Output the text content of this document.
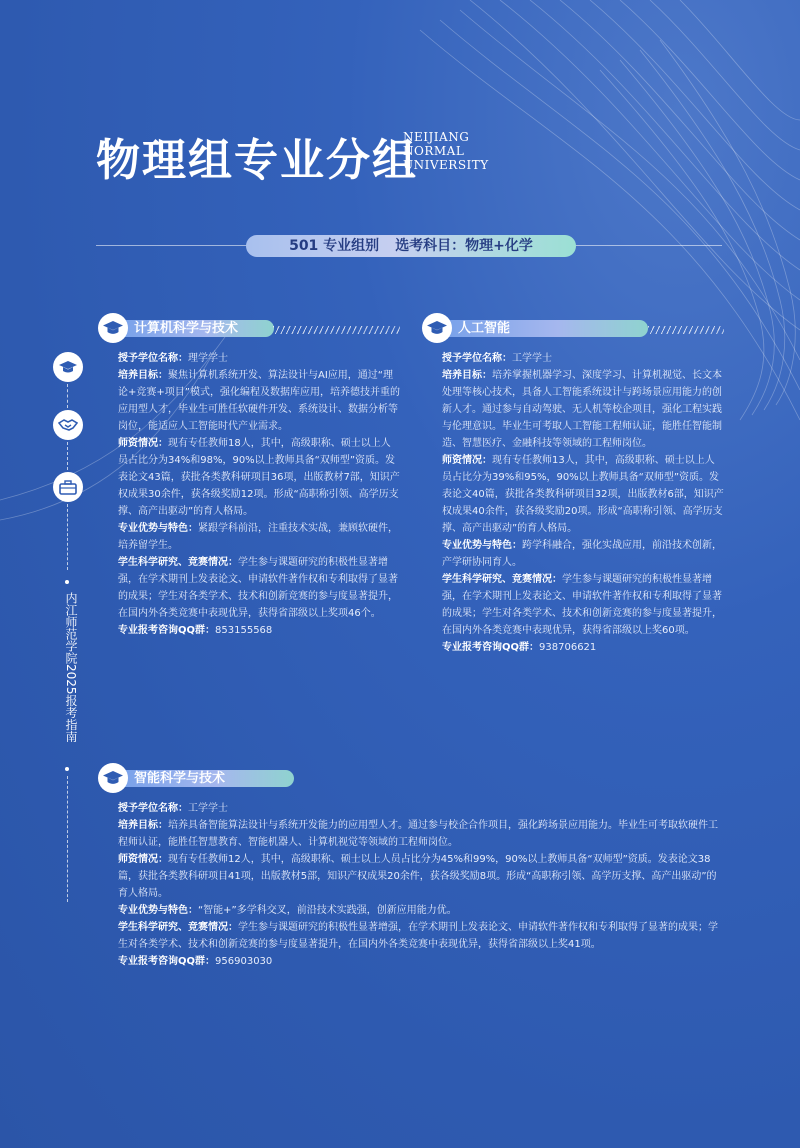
物理组专业分组
NEIJIANG
NORMAL
UNIVERSITY
501 专业组别 选考科目：物理+化学
内江师范学院2025报考指南
计算机科学与技术

授予学位名称：理学学士

培养目标：聚焦计算机系统开发、算法设计与AI应用，通过“理论+竞赛+项目”模式，强化编程及数据库应用，培养德技并重的应用型人才，毕业生可胜任软硬件开发、系统设计、数据分析等岗位，能适应人工智能时代产业需求。

师资情况：现有专任教师18人，其中，高级职称、硕士以上人员占比分为34%和98%，90%以上教师具备“双师型”资质。发表论文43篇，获批各类教科研项目36项，出版教材7部，知识产权成果30余件，获各级奖励12项。形成“高职称引领、高学历支撑、高产出驱动”的育人格局。

专业优势与特色：紧跟学科前沿，注重技术实战，兼顾软硬件，培养留学生。

学生科学研究、竞赛情况：学生参与课题研究的积极性显著增强，在学术期刊上发表论文、申请软件著作权和专利取得了显著的成果；学生对各类学术、技术和创新竞赛的参与度显著提升，在国内外各类竞赛中表现优异，获得省部级以上奖项46个。

专业报考咨询QQ群：853155568

人工智能

授予学位名称：工学学士

培养目标：培养掌握机器学习、深度学习、计算机视觉、长文本处理等核心技术，具备人工智能系统设计与跨场景应用能力的创新人才。通过参与自动驾驶、无人机等校企项目，强化工程实践与伦理意识。毕业生可考取人工智能工程师认证，能胜任智能制造、智慧医疗、金融科技等领域的工程师岗位。

师资情况：现有专任教师13人，其中，高级职称、硕士以上人员占比分为39%和95%，90%以上教师具备“双师型”资质。发表论文40篇，获批各类教科研项目32项，出版教材6部，知识产权成果40余件，获各级奖励20项。形成“高职称引领、高学历支撑、高产出驱动”的育人格局。

专业优势与特色：跨学科融合，强化实战应用，前沿技术创新，产学研协同育人。

学生科学研究、竞赛情况：学生参与课题研究的积极性显著增强，在学术期刊上发表论文、申请软件著作权和专利取得了显著的成果；学生对各类学术、技术和创新竞赛的参与度显著提升，在国内外各类竞赛中表现优异，获得省部级以上奖60项。

专业报考咨询QQ群：938706621

智能科学与技术

授予学位名称：工学学士

培养目标：培养具备智能算法设计与系统开发能力的应用型人才。通过参与校企合作项目，强化跨场景应用能力。毕业生可考取软硬件工程师认证，能胜任智慧教育、智能机器人、计算机视觉等领域的工程师岗位。

师资情况：现有专任教师12人，其中，高级职称、硕士以上人员占比分为45%和99%，90%以上教师具备“双师型”资质。发表论文38篇，获批各类教科研项目41项，出版教材5部，知识产权成果20余件，获各级奖励8项。形成“高职称引领、高学历支撑、高产出驱动”的育人格局。

专业优势与特色：“智能+”多学科交叉，前沿技术实践强，创新应用能力优。

学生科学研究、竞赛情况：学生参与课题研究的积极性显著增强，在学术期刊上发表论文、申请软件著作权和专利取得了显著的成果；学生对各类学术、技术和创新竞赛的参与度显著提升，在国内外各类竞赛中表现优异，获得省部级以上奖41项。

专业报考咨询QQ群：956903030
